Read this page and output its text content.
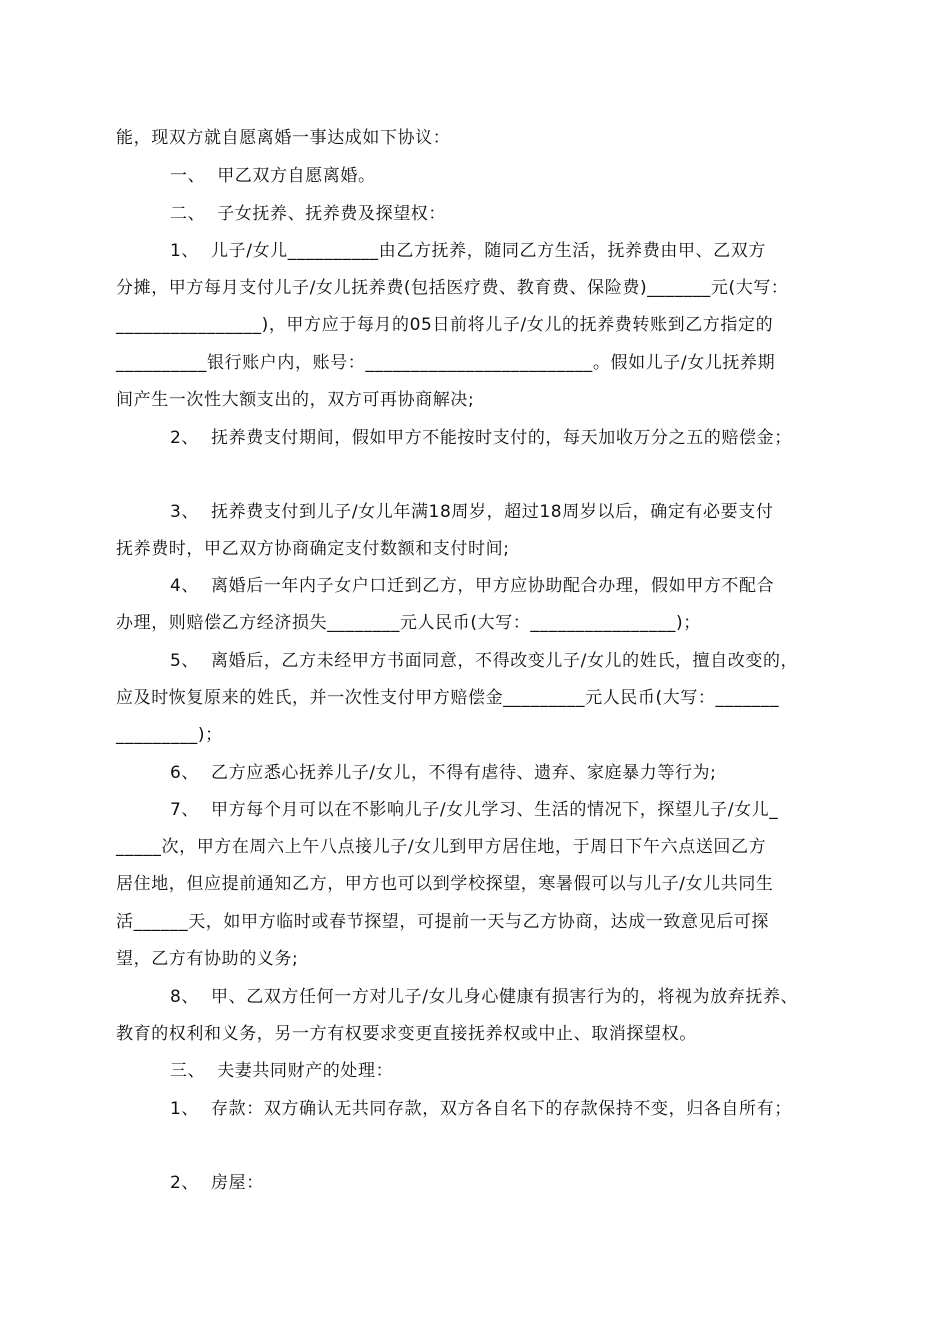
能，现双方就自愿离婚一事达成如下协议：

一、  甲乙双方自愿离婚。

二、  子女抚养、抚养费及探望权：

1、  儿子/女儿__________由乙方抚养，随同乙方生活，抚养费由甲、乙双方

分摊，甲方每月支付儿子/女儿抚养费(包括医疗费、教育费、保险费)_______元(大写：

________________)，甲方应于每月的05日前将儿子/女儿的抚养费转账到乙方指定的

__________银行账户内，账号：_________________________。假如儿子/女儿抚养期

间产生一次性大额支出的，双方可再协商解决;

2、  抚养费支付期间，假如甲方不能按时支付的，每天加收万分之五的赔偿金；

3、  抚养费支付到儿子/女儿年满18周岁，超过18周岁以后，确定有必要支付

抚养费时，甲乙双方协商确定支付数额和支付时间;

4、  离婚后一年内子女户口迁到乙方，甲方应协助配合办理，假如甲方不配合

办理，则赔偿乙方经济损失________元人民币(大写：________________)；

5、  离婚后，乙方未经甲方书面同意，不得改变儿子/女儿的姓氏，擅自改变的，

应及时恢复原来的姓氏，并一次性支付甲方赔偿金_________元人民币(大写：_______

_________)；

6、  乙方应悉心抚养儿子/女儿，不得有虐待、遗弃、家庭暴力等行为;

7、  甲方每个月可以在不影响儿子/女儿学习、生活的情况下，探望儿子/女儿_

_____次，甲方在周六上午八点接儿子/女儿到甲方居住地，于周日下午六点送回乙方

居住地，但应提前通知乙方，甲方也可以到学校探望，寒暑假可以与儿子/女儿共同生

活______天，如甲方临时或春节探望，可提前一天与乙方协商，达成一致意见后可探

望，乙方有协助的义务;

8、  甲、乙双方任何一方对儿子/女儿身心健康有损害行为的，将视为放弃抚养、

教育的权利和义务，另一方有权要求变更直接抚养权或中止、取消探望权。

三、  夫妻共同财产的处理：

1、  存款：双方确认无共同存款，双方各自名下的存款保持不变，归各自所有；

2、  房屋：
